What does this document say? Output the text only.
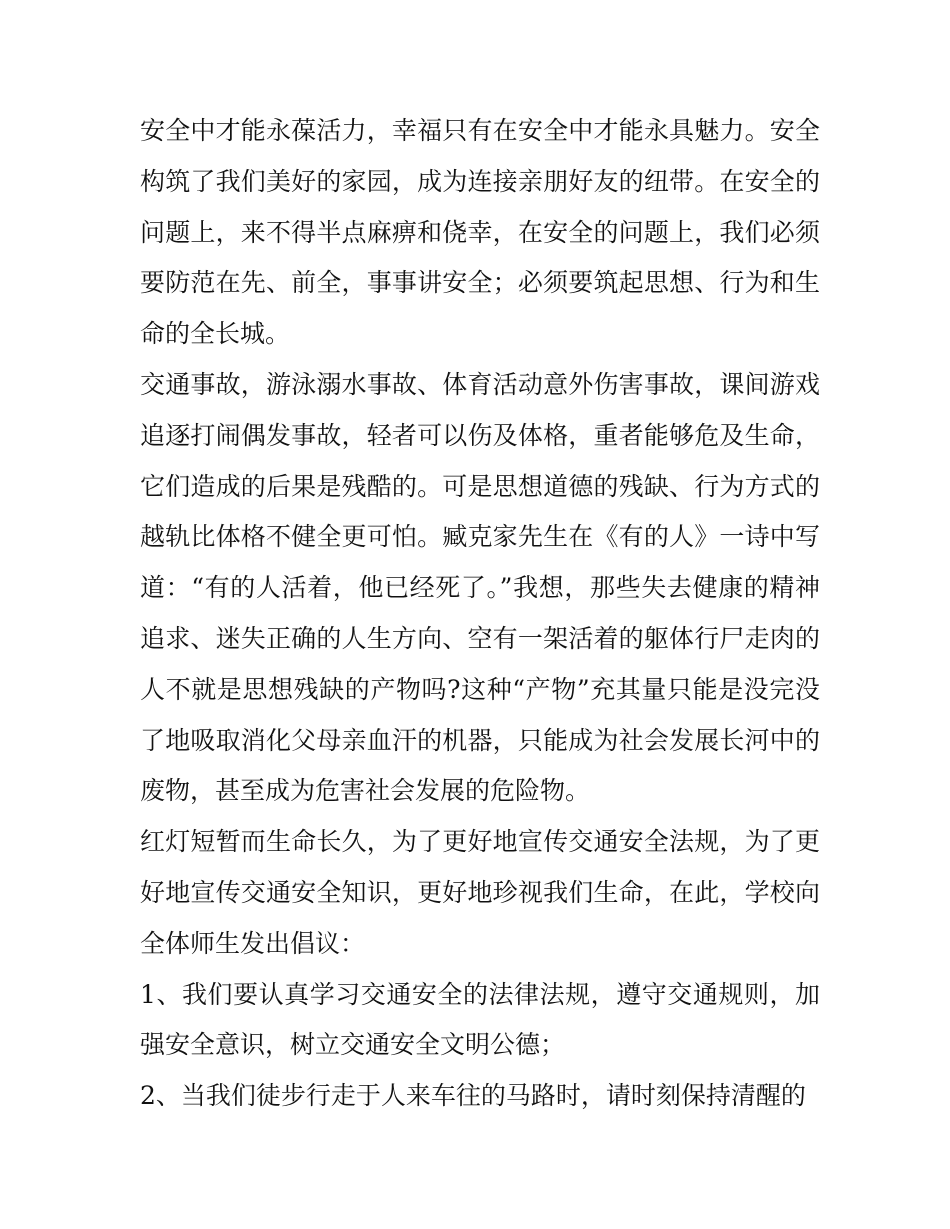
安全中才能永葆活力，幸福只有在安全中才能永具魅力。安全构筑了我们美好的家园，成为连接亲朋好友的纽带。在安全的问题上，来不得半点麻痹和侥幸，在安全的问题上，我们必须要防范在先、前全，事事讲安全；必须要筑起思想、行为和生命的全长城。

交通事故，游泳溺水事故、体育活动意外伤害事故，课间游戏追逐打闹偶发事故，轻者可以伤及体格，重者能够危及生命，它们造成的后果是残酷的。可是思想道德的残缺、行为方式的越轨比体格不健全更可怕。臧克家先生在《有的人》一诗中写道：“有的人活着，他已经死了。”我想，那些失去健康的精神追求、迷失正确的人生方向、空有一架活着的躯体行尸走肉的人不就是思想残缺的产物吗?这种“产物”充其量只能是没完没了地吸取消化父母亲血汗的机器，只能成为社会发展长河中的废物，甚至成为危害社会发展的危险物。

红灯短暂而生命长久，为了更好地宣传交通安全法规，为了更好地宣传交通安全知识，更好地珍视我们生命，在此，学校向全体师生发出倡议：

1、我们要认真学习交通安全的法律法规，遵守交通规则，加强安全意识，树立交通安全文明公德；

2、当我们徒步行走于人来车往的马路时，请时刻保持清醒的
